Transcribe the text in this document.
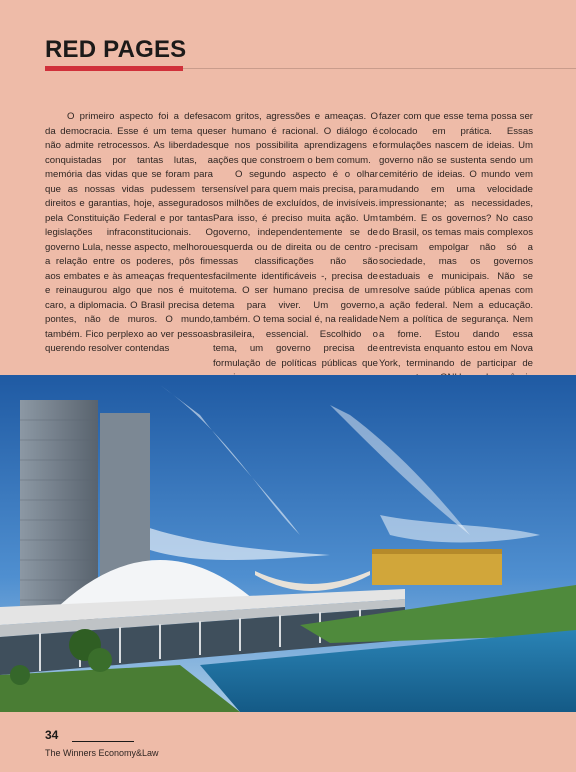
RED PAGES

O primeiro aspecto foi a defesa da democracia. Esse é um tema que não admite retrocessos. As liberdades conquistadas por tantas lutas, a memória das vidas que se foram para que as nossas vidas pudessem ter direitos e garantias, hoje, assegurados pela Constituição Federal e por tantas legislações infraconstitucionais. O governo Lula, nesse aspecto, melhorou a relação entre os poderes, pôs fim aos embates e às ameaças frequentes e reinaugurou algo que nos é muito caro, a diplomacia. O Brasil precisa de pontes, não de muros. O mundo, também. Fico perplexo ao ver pessoas querendo resolver contendas

com gritos, agressões e ameaças. O ser humano é racional. O diálogo é que nos possibilita aprendizagens e ações que constroem o bem comum.

O segundo aspecto é o olhar sensível para quem mais precisa, para os milhões de excluídos, de invisíveis. Para isso, é preciso muita ação. Um governo, independentemente se de esquerda ou de direita ou de centro - essas classificações não são facilmente identificáveis -, precisa de tema. O ser humano precisa de um tema para viver. Um governo, também. O tema social é, na realidade brasileira, essencial. Escolhido o tema, um governo precisa de formulação de políticas públicas que

fazer com que esse tema possa ser colocado em prática. Essas formulações nascem de ideias. Um governo não se sustenta sendo um cemitério de ideias. O mundo vem mudando em uma velocidade impressionante; as necessidades, também. E os governos? No caso do Brasil, os temas mais complexos precisam empolgar não só a sociedade, mas os governos estaduais e municipais. Não se resolve saúde pública apenas com a ação federal. Nem a educação. Nem a política de segurança. Nem a fome. Estou dando essa entrevista enquanto estou em Nova York, terminando de participar de

34
The Winners Economy&Law
